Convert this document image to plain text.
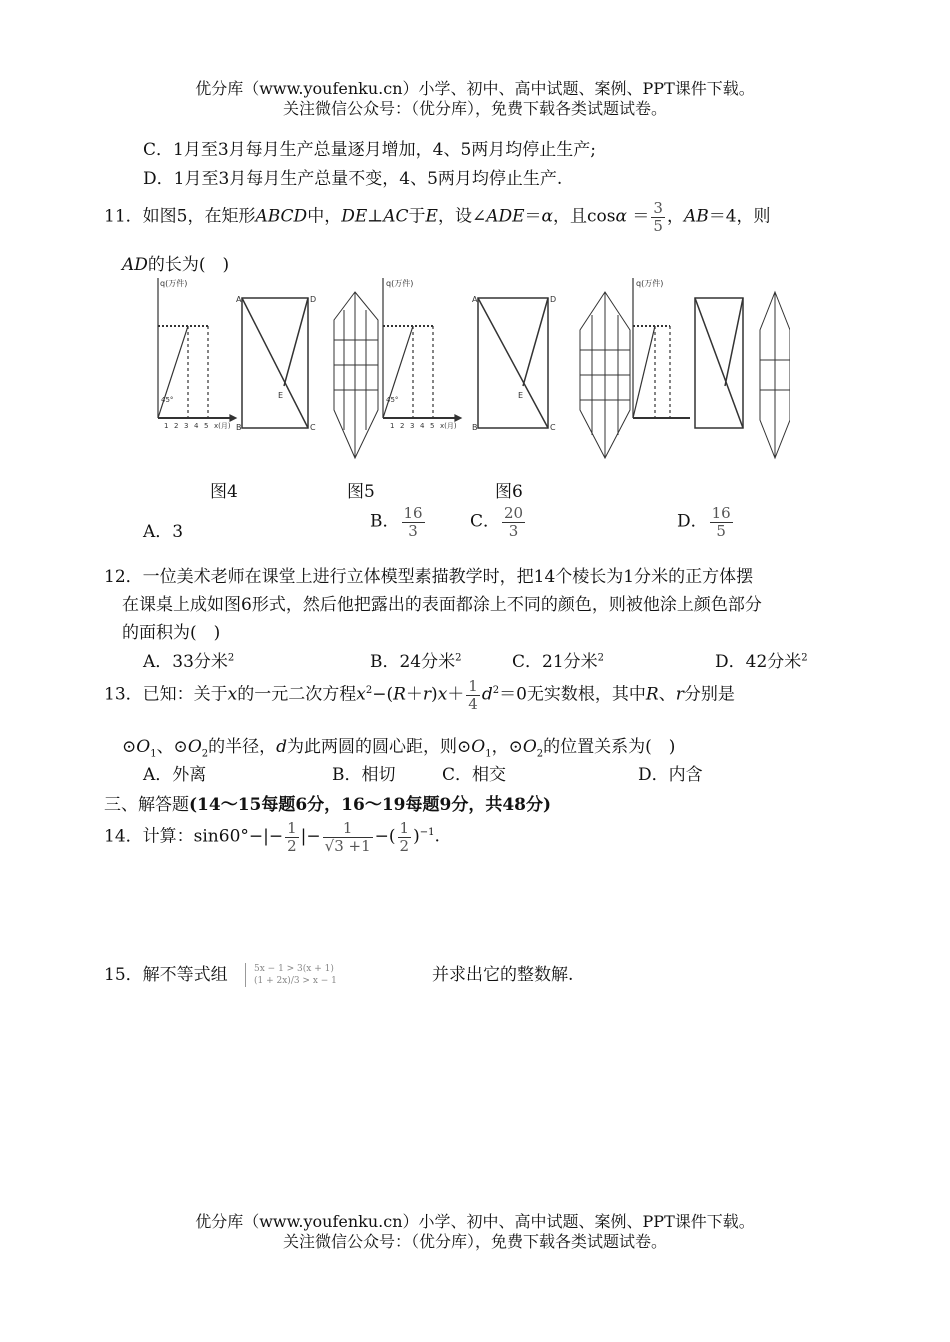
优分库（www.youfenku.cn）小学、初中、高中试题、案例、PPT课件下载。
关注微信公众号：（优分库），免费下载各类试题试卷。
C．1月至3月每月生产总量逐月增加，4、5两月均停止生产;
D．1月至3月每月生产总量不变，4、5两月均停止生产.
11．如图5，在矩形ABCD中，DE⊥AC于E，设∠ADE＝α，且$\cos\alpha = \frac{3}{5}$ ，AB＝4，则
AD的长为(　)
q(万件)
45°
1 2 3 4 5 x(月)
A	D
B	C
E
q(万件)
45°
1 2 3 4 5 x(月)
A	D
B	C
E
q(万件)
图4	图5	图6
A．3
B． $\frac{16}{3}$	C． $\frac{20}{3}$	D． $\frac{16}{5}$
12．一位美术老师在课堂上进行立体模型素描教学时，把14个棱长为1分米的正方体摆
在课桌上成如图6形式，然后他把露出的表面都涂上不同的颜色，则被他涂上颜色部分
的面积为(　)
A．33分米$^2$	B．24分米$^2$	C．21分米$^2$	D．42分米$^2$
13．已知：关于x的一元二次方程$x^2-(R+r)x+ \frac{1}{4} d^2=0$无实数根，其中R、r分别是
$⊙O_1$、$⊙O_2$的半径，d为此两圆的圆心距，则$⊙O_1$，$⊙O_2$的位置关系为(　)
A．外离	B．相切	C．相交	D．内含
三、解答题(14～15每题6分，16～19每题9分，共48分)
14．计算：$\sin 60^\circ-|- \frac{1}{2}$ |− $\frac{1}{√3 +1}$ −( $\frac{1}{2} )^{-1}$.
15．解不等式组	5x − 1 > 3(x + 1)
(1 + 2x)/3 > x − 1	并求出它的整数解.
优分库（www.youfenku.cn）小学、初中、高中试题、案例、PPT课件下载。
关注微信公众号：（优分库），免费下载各类试题试卷。
